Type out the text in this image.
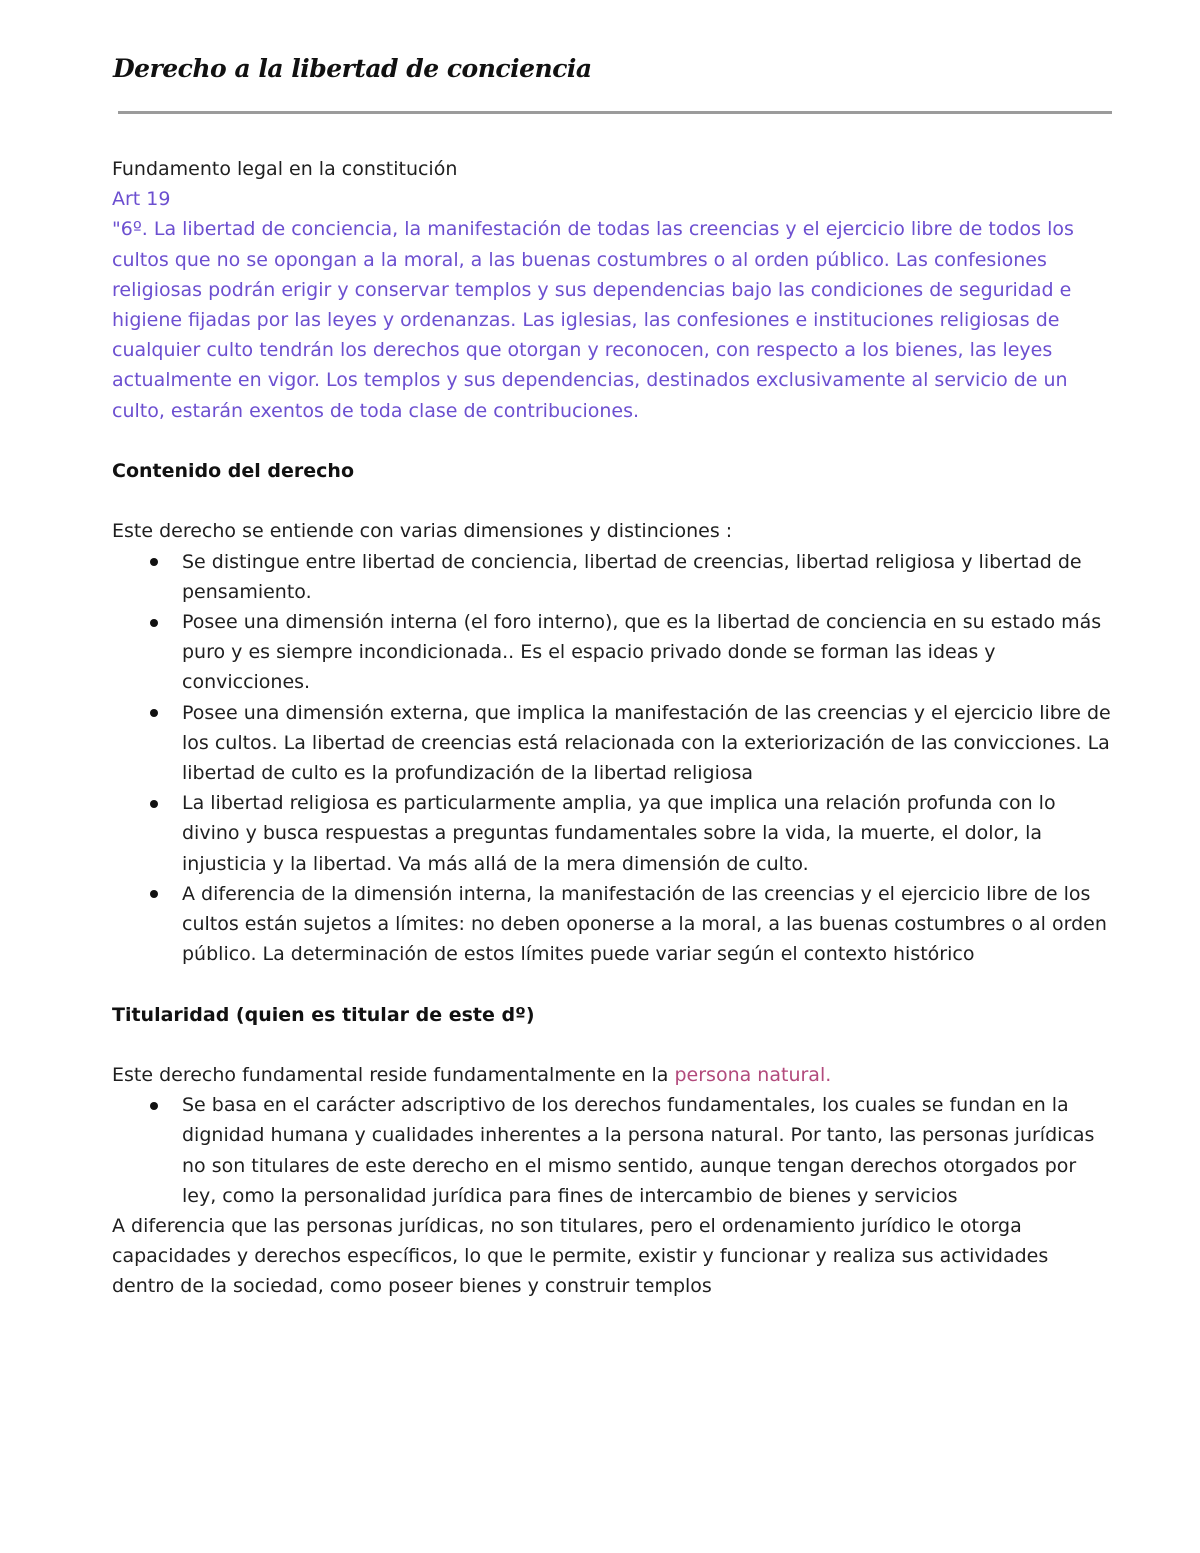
Derecho a la libertad de conciencia

Fundamento legal en la constitución

Art 19

"6º. La libertad de conciencia, la manifestación de todas las creencias y el ejercicio libre de todos los cultos que no se opongan a la moral, a las buenas costumbres o al orden público. Las confesiones religiosas podrán erigir y conservar templos y sus dependencias bajo las condiciones de seguridad e higiene fijadas por las leyes y ordenanzas. Las iglesias, las confesiones e instituciones religiosas de cualquier culto tendrán los derechos que otorgan y reconocen, con respecto a los bienes, las leyes actualmente en vigor. Los templos y sus dependencias, destinados exclusivamente al servicio de un culto, estarán exentos de toda clase de contribuciones.

Contenido del derecho

Este derecho se entiende con varias dimensiones y distinciones :

Se distingue entre libertad de conciencia, libertad de creencias, libertad religiosa y libertad de pensamiento.
Posee una dimensión interna (el foro interno), que es la libertad de conciencia en su estado más puro y es siempre incondicionada.. Es el espacio privado donde se forman las ideas y convicciones.
Posee una dimensión externa, que implica la manifestación de las creencias y el ejercicio libre de los cultos. La libertad de creencias está relacionada con la exteriorización de las convicciones. La libertad de culto es la profundización de la libertad religiosa
La libertad religiosa es particularmente amplia, ya que implica una relación profunda con lo divino y busca respuestas a preguntas fundamentales sobre la vida, la muerte, el dolor, la injusticia y la libertad. Va más allá de la mera dimensión de culto.
A diferencia de la dimensión interna, la manifestación de las creencias y el ejercicio libre de los cultos están sujetos a límites: no deben oponerse a la moral, a las buenas costumbres o al orden público. La determinación de estos límites puede variar según el contexto histórico

Titularidad (quien es titular de este dº)

Este derecho fundamental reside fundamentalmente en la persona natural.

Se basa en el carácter adscriptivo de los derechos fundamentales, los cuales se fundan en la dignidad humana y cualidades inherentes a la persona natural. Por tanto, las personas jurídicas no son titulares de este derecho en el mismo sentido, aunque tengan derechos otorgados por ley, como la personalidad jurídica para fines de intercambio de bienes y servicios

A diferencia que las personas jurídicas, no son titulares, pero el ordenamiento jurídico le otorga capacidades y derechos específicos, lo que le permite, existir y funcionar y realiza sus actividades dentro de la sociedad, como poseer bienes y construir templos
